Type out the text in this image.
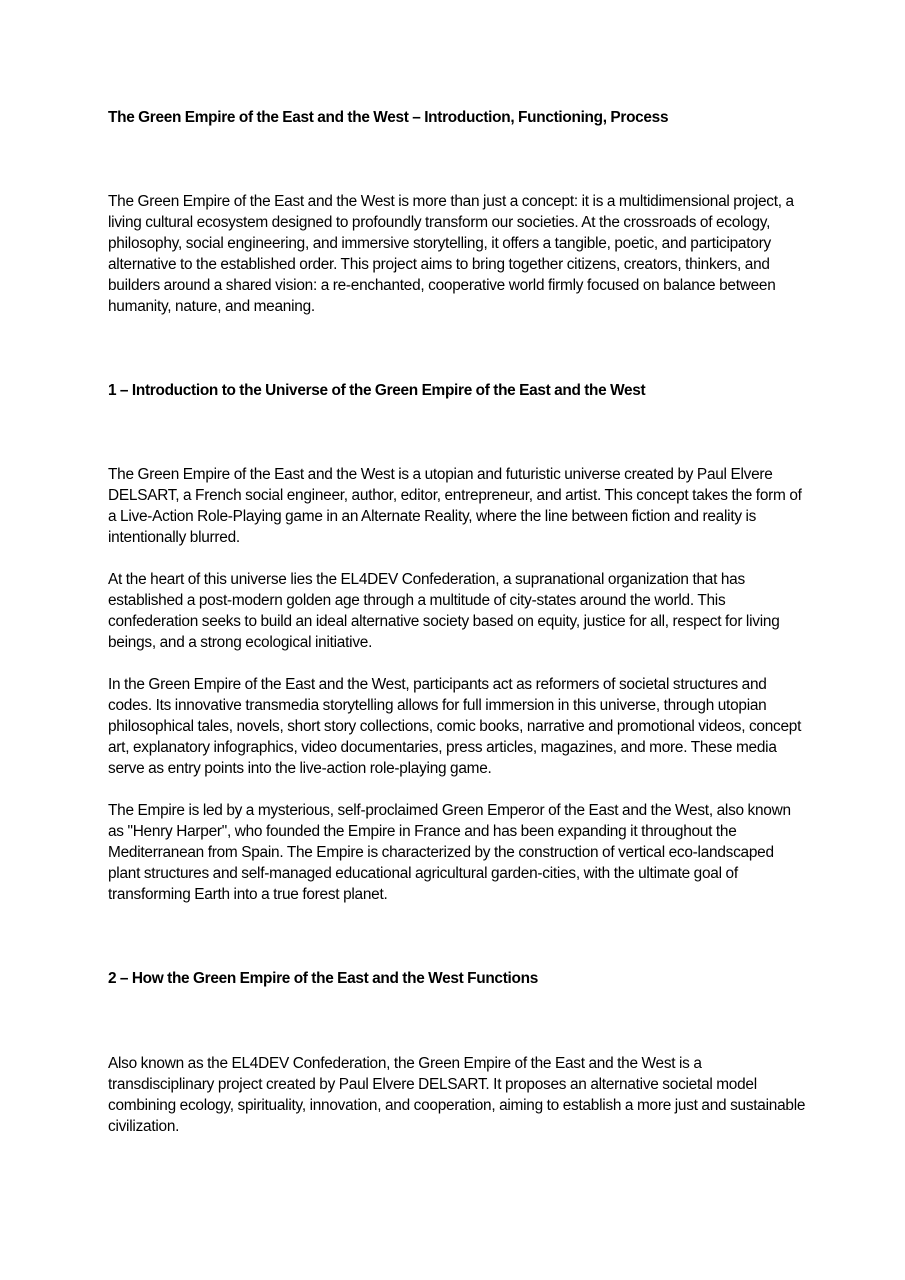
The Green Empire of the East and the West – Introduction, Functioning, Process

The Green Empire of the East and the West is more than just a concept: it is a multidimensional project, a living cultural ecosystem designed to profoundly transform our societies. At the crossroads of ecology, philosophy, social engineering, and immersive storytelling, it offers a tangible, poetic, and participatory alternative to the established order. This project aims to bring together citizens, creators, thinkers, and builders around a shared vision: a re-enchanted, cooperative world firmly focused on balance between humanity, nature, and meaning.

1 – Introduction to the Universe of the Green Empire of the East and the West

The Green Empire of the East and the West is a utopian and futuristic universe created by Paul Elvere DELSART, a French social engineer, author, editor, entrepreneur, and artist. This concept takes the form of a Live-Action Role-Playing game in an Alternate Reality, where the line between fiction and reality is intentionally blurred.

At the heart of this universe lies the EL4DEV Confederation, a supranational organization that has established a post-modern golden age through a multitude of city-states around the world. This confederation seeks to build an ideal alternative society based on equity, justice for all, respect for living beings, and a strong ecological initiative.

In the Green Empire of the East and the West, participants act as reformers of societal structures and codes. Its innovative transmedia storytelling allows for full immersion in this universe, through utopian philosophical tales, novels, short story collections, comic books, narrative and promotional videos, concept art, explanatory infographics, video documentaries, press articles, magazines, and more. These media serve as entry points into the live-action role-playing game.

The Empire is led by a mysterious, self-proclaimed Green Emperor of the East and the West, also known as "Henry Harper", who founded the Empire in France and has been expanding it throughout the Mediterranean from Spain. The Empire is characterized by the construction of vertical eco-landscaped plant structures and self-managed educational agricultural garden-cities, with the ultimate goal of transforming Earth into a true forest planet.

2 – How the Green Empire of the East and the West Functions

Also known as the EL4DEV Confederation, the Green Empire of the East and the West is a transdisciplinary project created by Paul Elvere DELSART. It proposes an alternative societal model combining ecology, spirituality, innovation, and cooperation, aiming to establish a more just and sustainable civilization.
